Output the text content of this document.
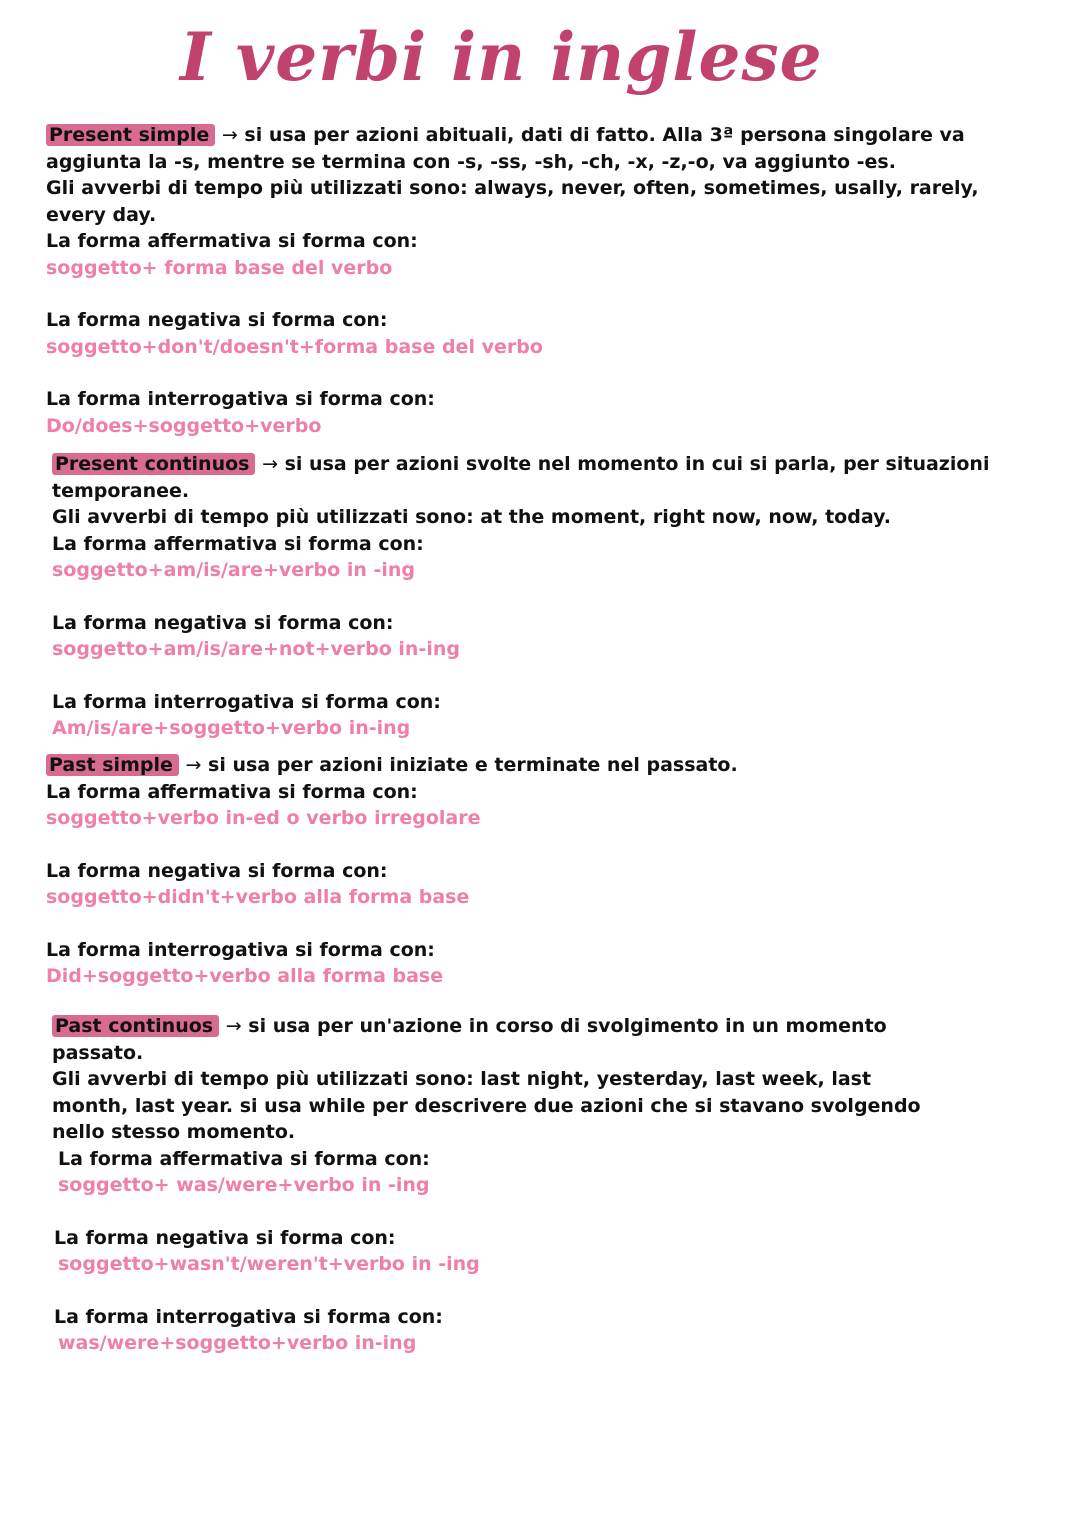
I verbi in inglese
Present simple → si usa per azioni abituali, dati di fatto. Alla 3ª persona singolare va
aggiunta la -s, mentre se termina con -s, -ss, -sh, -ch, -x, -z,-o, va aggiunto -es.
Gli avverbi di tempo più utilizzati sono: always, never, often, sometimes, usally, rarely,
every day.
La forma affermativa si forma con:
soggetto+ forma base del verbo
La forma negativa si forma con:
soggetto+don't/doesn't+forma base del verbo
La forma interrogativa si forma con:
Do/does+soggetto+verbo
Present continuos → si usa per azioni svolte nel momento in cui si parla, per situazioni
temporanee.
Gli avverbi di tempo più utilizzati sono: at the moment, right now, now, today.
La forma affermativa si forma con:
soggetto+am/is/are+verbo in -ing
La forma negativa si forma con:
soggetto+am/is/are+not+verbo in-ing
La forma interrogativa si forma con:
Am/is/are+soggetto+verbo in-ing
Past simple → si usa per azioni iniziate e terminate nel passato.
La forma affermativa si forma con:
soggetto+verbo in-ed o verbo irregolare
La forma negativa si forma con:
soggetto+didn't+verbo alla forma base
La forma interrogativa si forma con:
Did+soggetto+verbo alla forma base
Past continuos → si usa per un'azione in corso di svolgimento in un momento
passato.
Gli avverbi di tempo più utilizzati sono: last night, yesterday, last week, last
month, last year. si usa while per descrivere due azioni che si stavano svolgendo
nello stesso momento.
La forma affermativa si forma con:
soggetto+ was/were+verbo in -ing
La forma negativa si forma con:
soggetto+wasn't/weren't+verbo in -ing
La forma interrogativa si forma con:
was/were+soggetto+verbo in-ing
